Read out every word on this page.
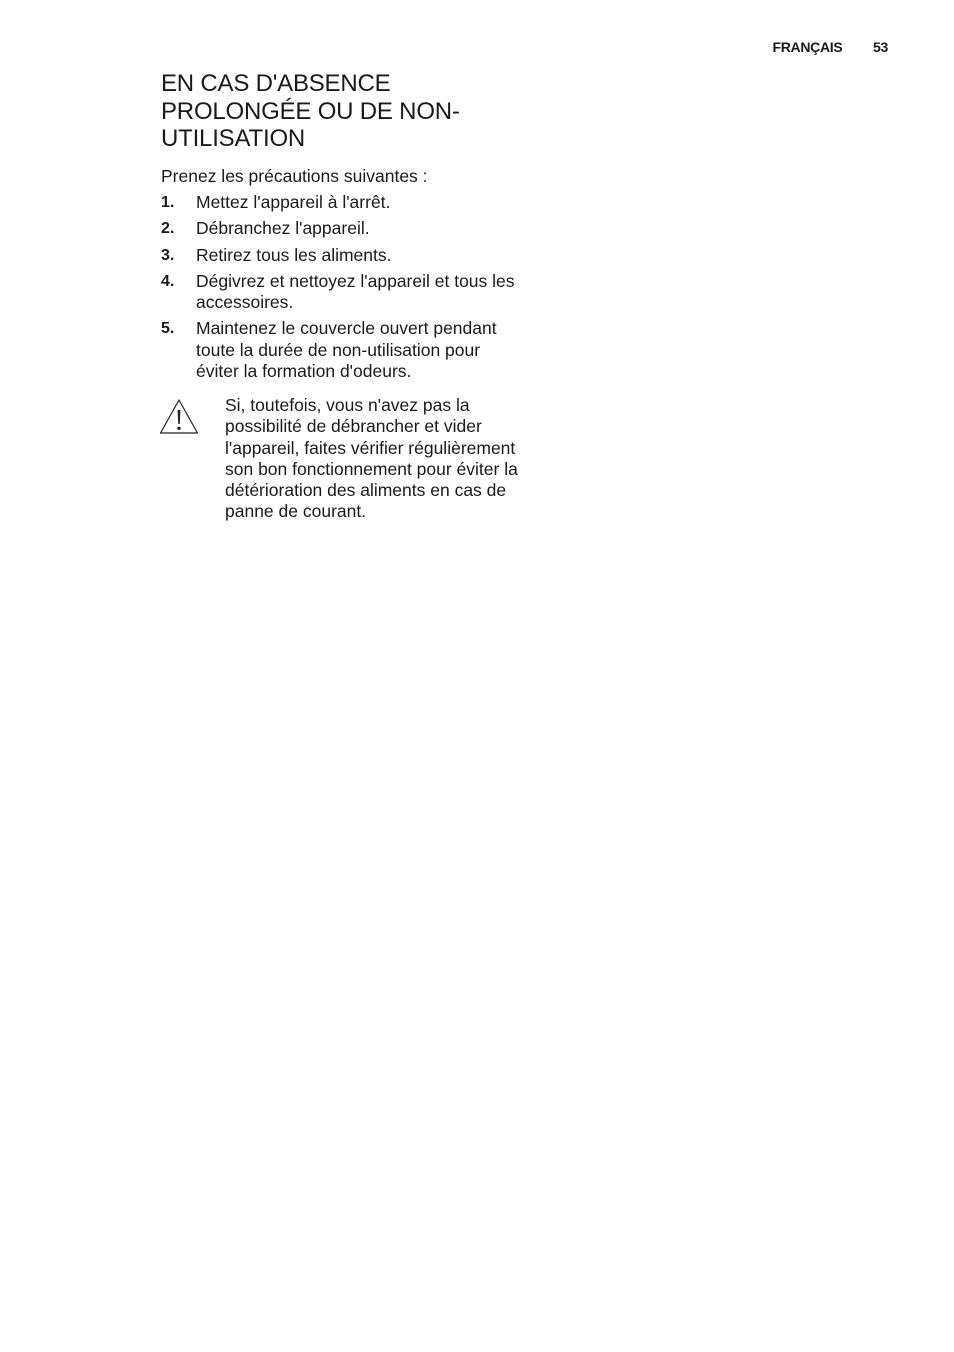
FRANÇAIS 53
EN CAS D'ABSENCE PROLONGÉE OU DE NON-UTILISATION

Prenez les précautions suivantes :

1. Mettez l'appareil à l'arrêt.
2. Débranchez l'appareil.
3. Retirez tous les aliments.
4. Dégivrez et nettoyez l'appareil et tous les accessoires.
5. Maintenez le couvercle ouvert pendant toute la durée de non-utilisation pour éviter la formation d'odeurs.
Si, toutefois, vous n'avez pas la possibilité de débrancher et vider l'appareil, faites vérifier régulièrement son bon fonctionnement pour éviter la détérioration des aliments en cas de panne de courant.
